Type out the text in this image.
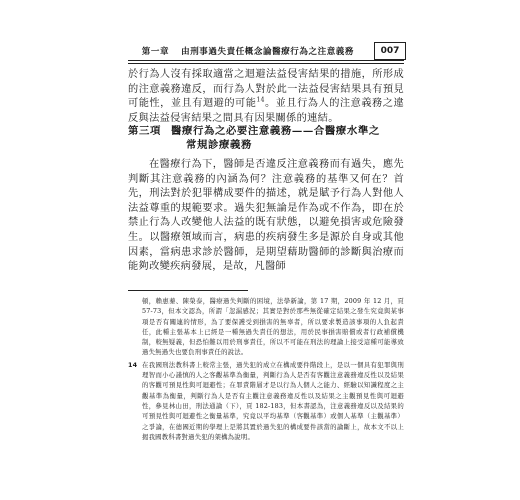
第一章 由刑事過失責任概念論醫療行為之注意義務	007
於行為人沒有採取適當之迴避法益侵害結果的措施，所形成的注意義務違反，而行為人對於此一法益侵害結果具有預見可能性，並且有迴避的可能$^{14}$。並且行為人的注意義務之違反與法益侵害結果之間具有因果關係的連結。
第三項 醫療行為之必要注意義務——合醫療水準之
常規診療義務
在醫療行為下，醫師是否違反注意義務而有過失，應先判斷其注意義務的內涵為何？注意義務的基準又何在？首先，刑法對於犯罪構成要件的描述，就是賦予行為人對他人法益尊重的規範要求。過失犯無論是作為或不作為，即在於禁止行為人改變他人法益的既有狀態，以避免損害或危險發生。以醫療領域而言，病患的疾病發生多是源於自身或其他因素，當病患求診於醫師，是期望藉助醫師的診斷與治療而能夠改變疾病發展，是故，凡醫師
頓，賴惠蓁、陳榮泰，醫療過失判斷的困境，法學新論，第 17 期，2009 年 12 月，頁 57-73，但本文認為，所謂「忽漏感況；其實是對於那些無從確定結果之發生究竟與某事項是否有關連的情形，為了要保護受到損害的無辜者，所以要求製造該事項的人負起責任，此種主張基本上已經是一種無過失責任的想法，用於民事損害賠償或者行政補償機制，較無疑義，但恐怕難以用於刑事責任，所以不可能在刑法的理論上接受這種可能導致過失無過失也要負刑事責任的說法。
14 在我國刑法教科書上較常主張，過失犯的成立在構成要件階段上，是以一個具有犯罪與刑理智而小心謹慎的人之客觀基準為衡量，判斷行為人是否有客觀注意義務違反性以及結果的客觀可預見性與可迴避性；在罪責階層才是以行為人個人之能力、經驗以知識程度之主觀基準為衡量，判斷行為人是否有主觀注意義務違反性以及結果之主觀預見性與可迴避性，參見林山田，刑法通論（下），頁 182-183，但本書認為，注意義務違反以及結果的可預見性與可迴避性之衡量基準，究竟以平均基準（客觀基準）或個人基準（主觀基準）之爭論，在德國近期的學理上是將其置於過失犯的構成要件該當的論斷上，故本文不以上揭我國教科書對過失犯的架構為說明。
